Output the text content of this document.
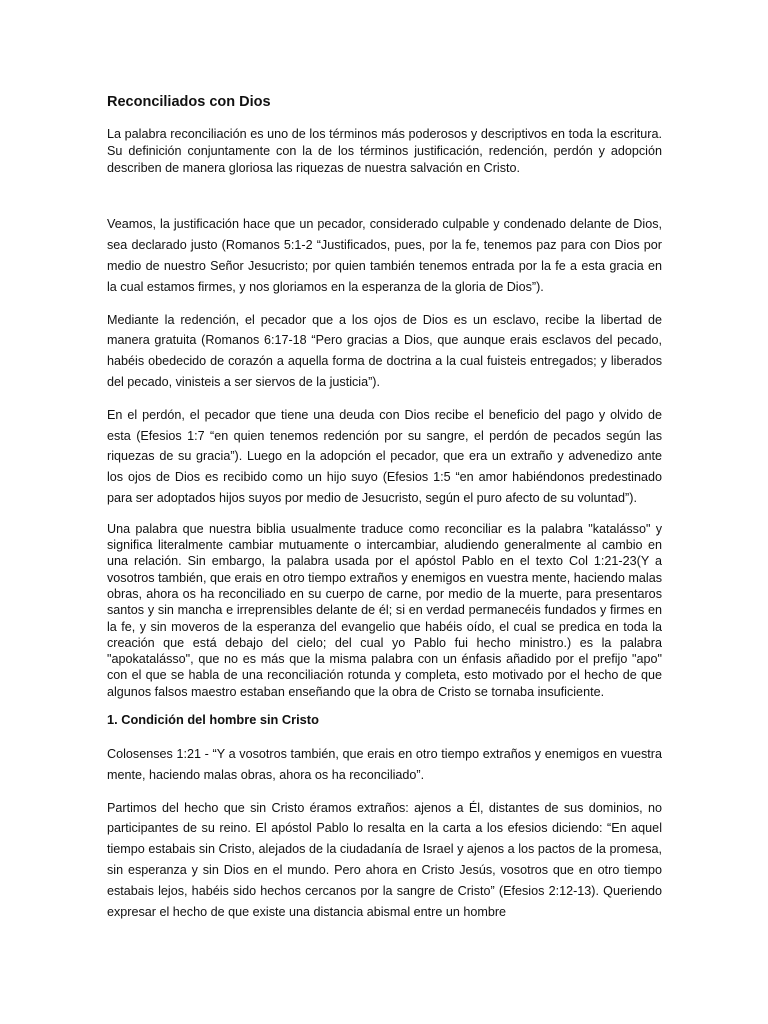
Reconciliados con Dios

La palabra reconciliación es uno de los términos más poderosos y descriptivos en toda la escritura. Su definición conjuntamente con la de los términos justificación, redención, perdón y adopción describen de manera gloriosa las riquezas de nuestra salvación en Cristo.

Veamos, la justificación hace que un pecador, considerado culpable y condenado delante de Dios, sea declarado justo (Romanos 5:1-2 “Justificados, pues, por la fe, tenemos paz para con Dios por medio de nuestro Señor Jesucristo; por quien también tenemos entrada por la fe a esta gracia en la cual estamos firmes, y nos gloriamos en la esperanza de la gloria de Dios”).

Mediante la redención, el pecador que a los ojos de Dios es un esclavo, recibe la libertad de manera gratuita (Romanos 6:17-18 “Pero gracias a Dios, que aunque erais esclavos del pecado, habéis obedecido de corazón a aquella forma de doctrina a la cual fuisteis entregados; y liberados del pecado, vinisteis a ser siervos de la justicia”).

En el perdón, el pecador que tiene una deuda con Dios recibe el beneficio del pago y olvido de esta (Efesios 1:7 “en quien tenemos redención por su sangre, el perdón de pecados según las riquezas de su gracia”). Luego en la adopción el pecador, que era un extraño y advenedizo ante los ojos de Dios es recibido como un hijo suyo (Efesios 1:5 “en amor habiéndonos predestinado para ser adoptados hijos suyos por medio de Jesucristo, según el puro afecto de su voluntad”).

Una palabra que nuestra biblia usualmente traduce como reconciliar es la palabra "katalásso" y significa literalmente cambiar mutuamente o intercambiar, aludiendo generalmente al cambio en una relación. Sin embargo, la palabra usada por el apóstol Pablo en el texto Col 1:21-23(Y a vosotros también, que erais en otro tiempo extraños y enemigos en vuestra mente, haciendo malas obras, ahora os ha reconciliado en su cuerpo de carne, por medio de la muerte, para presentaros santos y sin mancha e irreprensibles delante de él; si en verdad permanecéis fundados y firmes en la fe, y sin moveros de la esperanza del evangelio que habéis oído, el cual se predica en toda la creación que está debajo del cielo; del cual yo Pablo fui hecho ministro.) es la palabra "apokatalásso", que no es más que la misma palabra con un énfasis añadido por el prefijo "apo" con el que se habla de una reconciliación rotunda y completa, esto motivado por el hecho de que algunos falsos maestro estaban enseñando que la obra de Cristo se tornaba insuficiente.

1. Condición del hombre sin Cristo

Colosenses 1:21 - “Y a vosotros también, que erais en otro tiempo extraños y enemigos en vuestra mente, haciendo malas obras, ahora os ha reconciliado”.

Partimos del hecho que sin Cristo éramos extraños: ajenos a Él, distantes de sus dominios, no participantes de su reino. El apóstol Pablo lo resalta en la carta a los efesios diciendo: “En aquel tiempo estabais sin Cristo, alejados de la ciudadanía de Israel y ajenos a los pactos de la promesa, sin esperanza y sin Dios en el mundo. Pero ahora en Cristo Jesús, vosotros que en otro tiempo estabais lejos, habéis sido hechos cercanos por la sangre de Cristo” (Efesios 2:12-13). Queriendo expresar el hecho de que existe una distancia abismal entre un hombre
